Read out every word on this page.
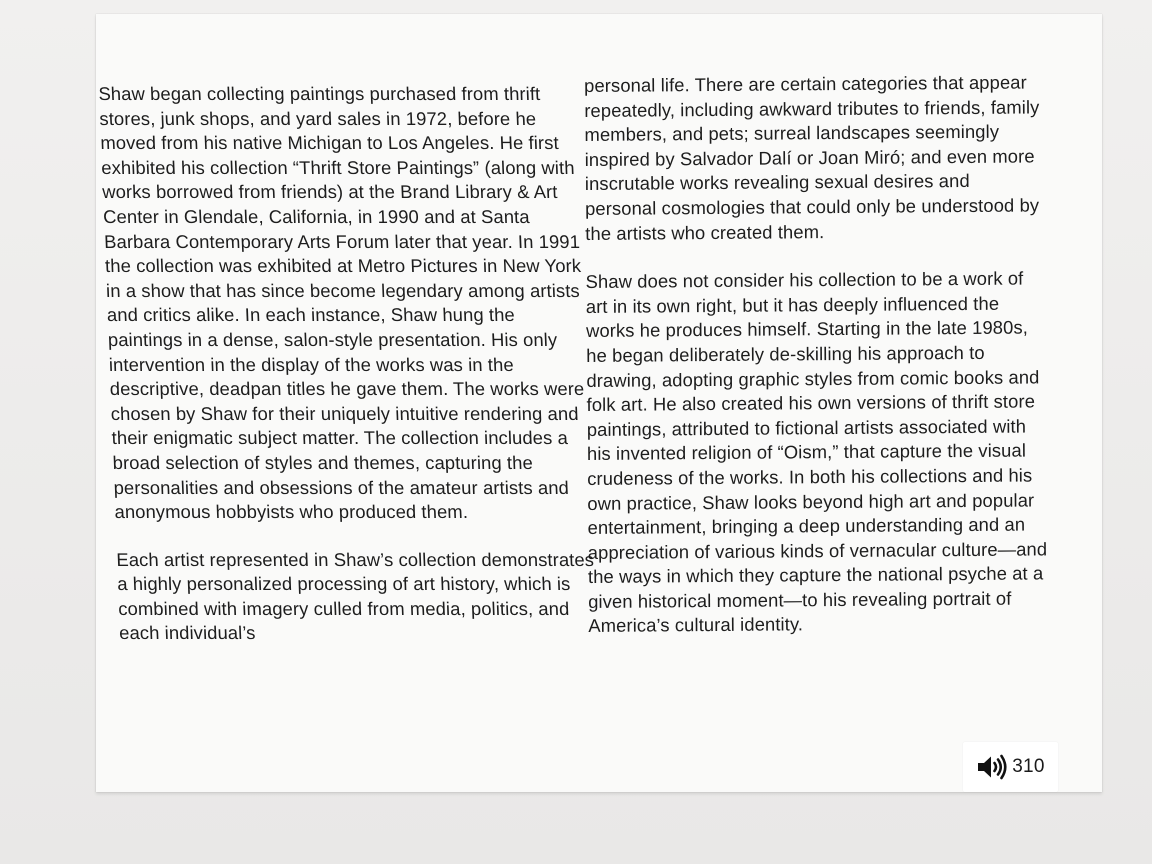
Shaw began collecting paintings purchased from thrift stores, junk shops, and yard sales in 1972, before he moved from his native Michigan to Los Angeles. He first exhibited his collection “Thrift Store Paintings” (along with works borrowed from friends) at the Brand Library & Art Center in Glendale, California, in 1990 and at Santa Barbara Contemporary Arts Forum later that year. In 1991 the collection was exhibited at Metro Pictures in New York in a show that has since become legendary among artists and critics alike. In each instance, Shaw hung the paintings in a dense, salon-style presentation. His only intervention in the display of the works was in the descriptive, deadpan titles he gave them. The works were chosen by Shaw for their uniquely intuitive rendering and their enigmatic subject matter. The collection includes a broad selection of styles and themes, capturing the personalities and obsessions of the amateur artists and anonymous hobbyists who produced them.

Each artist represented in Shaw’s collection demonstrates a highly personalized processing of art history, which is combined with imagery culled from media, politics, and each individual’s

personal life. There are certain categories that appear repeatedly, including awkward tributes to friends, family members, and pets; surreal landscapes seemingly inspired by Salvador Dalí or Joan Miró; and even more inscrutable works revealing sexual desires and personal cosmologies that could only be understood by the artists who created them.

Shaw does not consider his collection to be a work of art in its own right, but it has deeply influenced the works he produces himself. Starting in the late 1980s, he began deliberately de-skilling his approach to drawing, adopting graphic styles from comic books and folk art. He also created his own versions of thrift store paintings, attributed to fictional artists associated with his invented religion of “Oism,” that capture the visual crudeness of the works. In both his collections and his own practice, Shaw looks beyond high art and popular entertainment, bringing a deep understanding and an appreciation of various kinds of vernacular culture—and the ways in which they capture the national psyche at a given historical moment—to his revealing portrait of America’s cultural identity.

310
